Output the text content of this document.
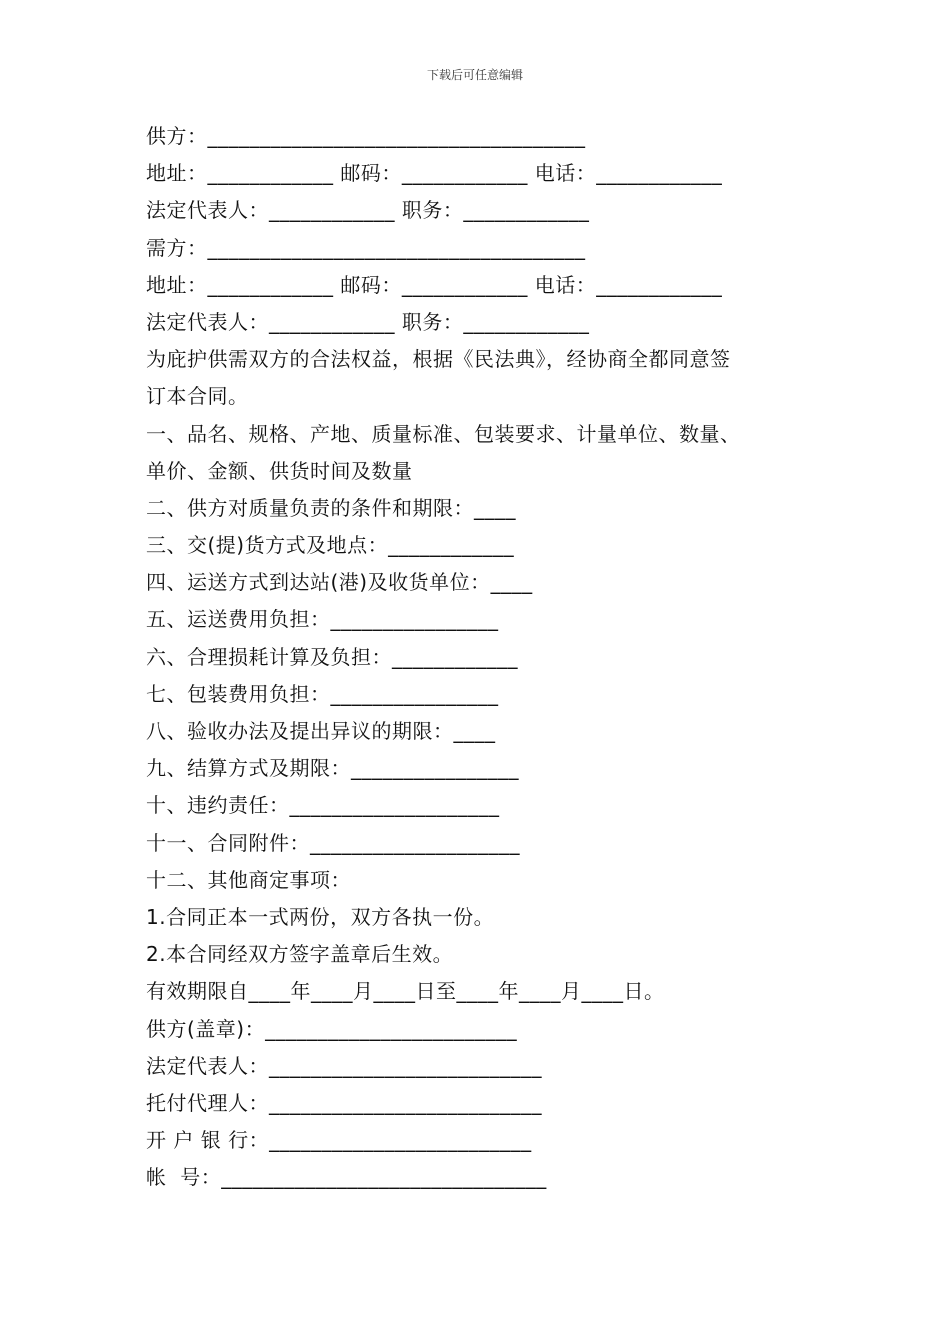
下载后可任意编辑
供方：____________________________________
地址：____________ 邮码：____________ 电话：____________
法定代表人：____________ 职务：____________
需方：____________________________________
地址：____________ 邮码：____________ 电话：____________
法定代表人：____________ 职务：____________
为庇护供需双方的合法权益，根据《民法典》，经协商全都同意签
订本合同。
一、品名、规格、产地、质量标准、包装要求、计量单位、数量、
单价、金额、供货时间及数量
二、供方对质量负责的条件和期限：____
三、交(提)货方式及地点：____________
四、运送方式到达站(港)及收货单位：____
五、运送费用负担：________________
六、合理损耗计算及负担：____________
七、包装费用负担：________________
八、验收办法及提出异议的期限：____
九、结算方式及期限：________________
十、违约责任：____________________
十一、合同附件：____________________
十二、其他商定事项：
1.合同正本一式两份，双方各执一份。
2.本合同经双方签字盖章后生效。
有效期限自____年____月____日至____年____月____日。
供方(盖章)：________________________
法定代表人：__________________________
托付代理人：__________________________
开 户 银 行：_________________________
帐  号：_______________________________
